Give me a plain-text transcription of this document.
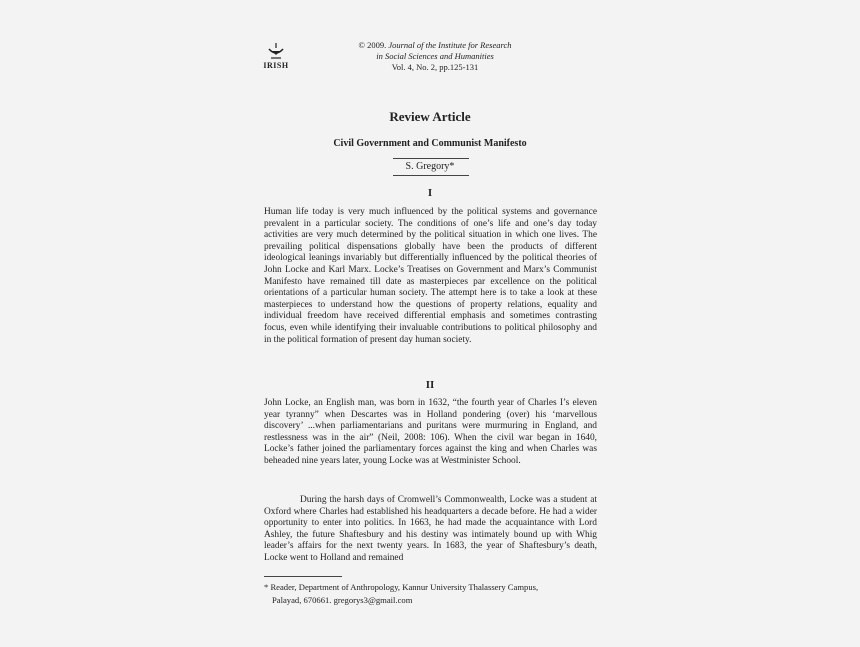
IRISH
© 2009. Journal of the Institute for Research
in Social Sciences and Humanities
Vol. 4, No. 2, pp.125-131
Review Article
Civil Government and Communist Manifesto
S. Gregory*
I

Human life today is very much influenced by the political systems and governance prevalent in a particular society. The conditions of one’s life and one’s day today activities are very much determined by the political situation in which one lives. The prevailing political dispensations globally have been the products of different ideological leanings invariably but differentially influenced by the political theories of John Locke and Karl Marx. Locke’s Treatises on Government and Marx’s Communist Manifesto have remained till date as masterpieces par excellence on the political orientations of a particular human society. The attempt here is to take a look at these masterpieces to understand how the questions of property relations, equality and individual freedom have received differential emphasis and sometimes contrasting focus, even while identifying their invaluable contributions to political philosophy and in the political formation of present day human society.

II

John Locke, an English man, was born in 1632, “the fourth year of Charles I’s eleven year tyranny” when Descartes was in Holland pondering (over) his ‘marvellous discovery’ ...when parliamentarians and puritans were murmuring in England, and restlessness was in the air” (Neil, 2008: 106). When the civil war began in 1640, Locke’s father joined the parliamentary forces against the king and when Charles was beheaded nine years later, young Locke was at Westminister School.

During the harsh days of Cromwell’s Commonwealth, Locke was a student at Oxford where Charles had established his headquarters a decade before. He had a wider opportunity to enter into politics. In 1663, he had made the acquaintance with Lord Ashley, the future Shaftesbury and his destiny was intimately bound up with Whig leader’s affairs for the next twenty years. In 1683, the year of Shaftesbury’s death, Locke went to Holland and remained

* Reader, Department of Anthropology, Kannur University Thalassery Campus,
Palayad, 670661. gregorys3@gmail.com
